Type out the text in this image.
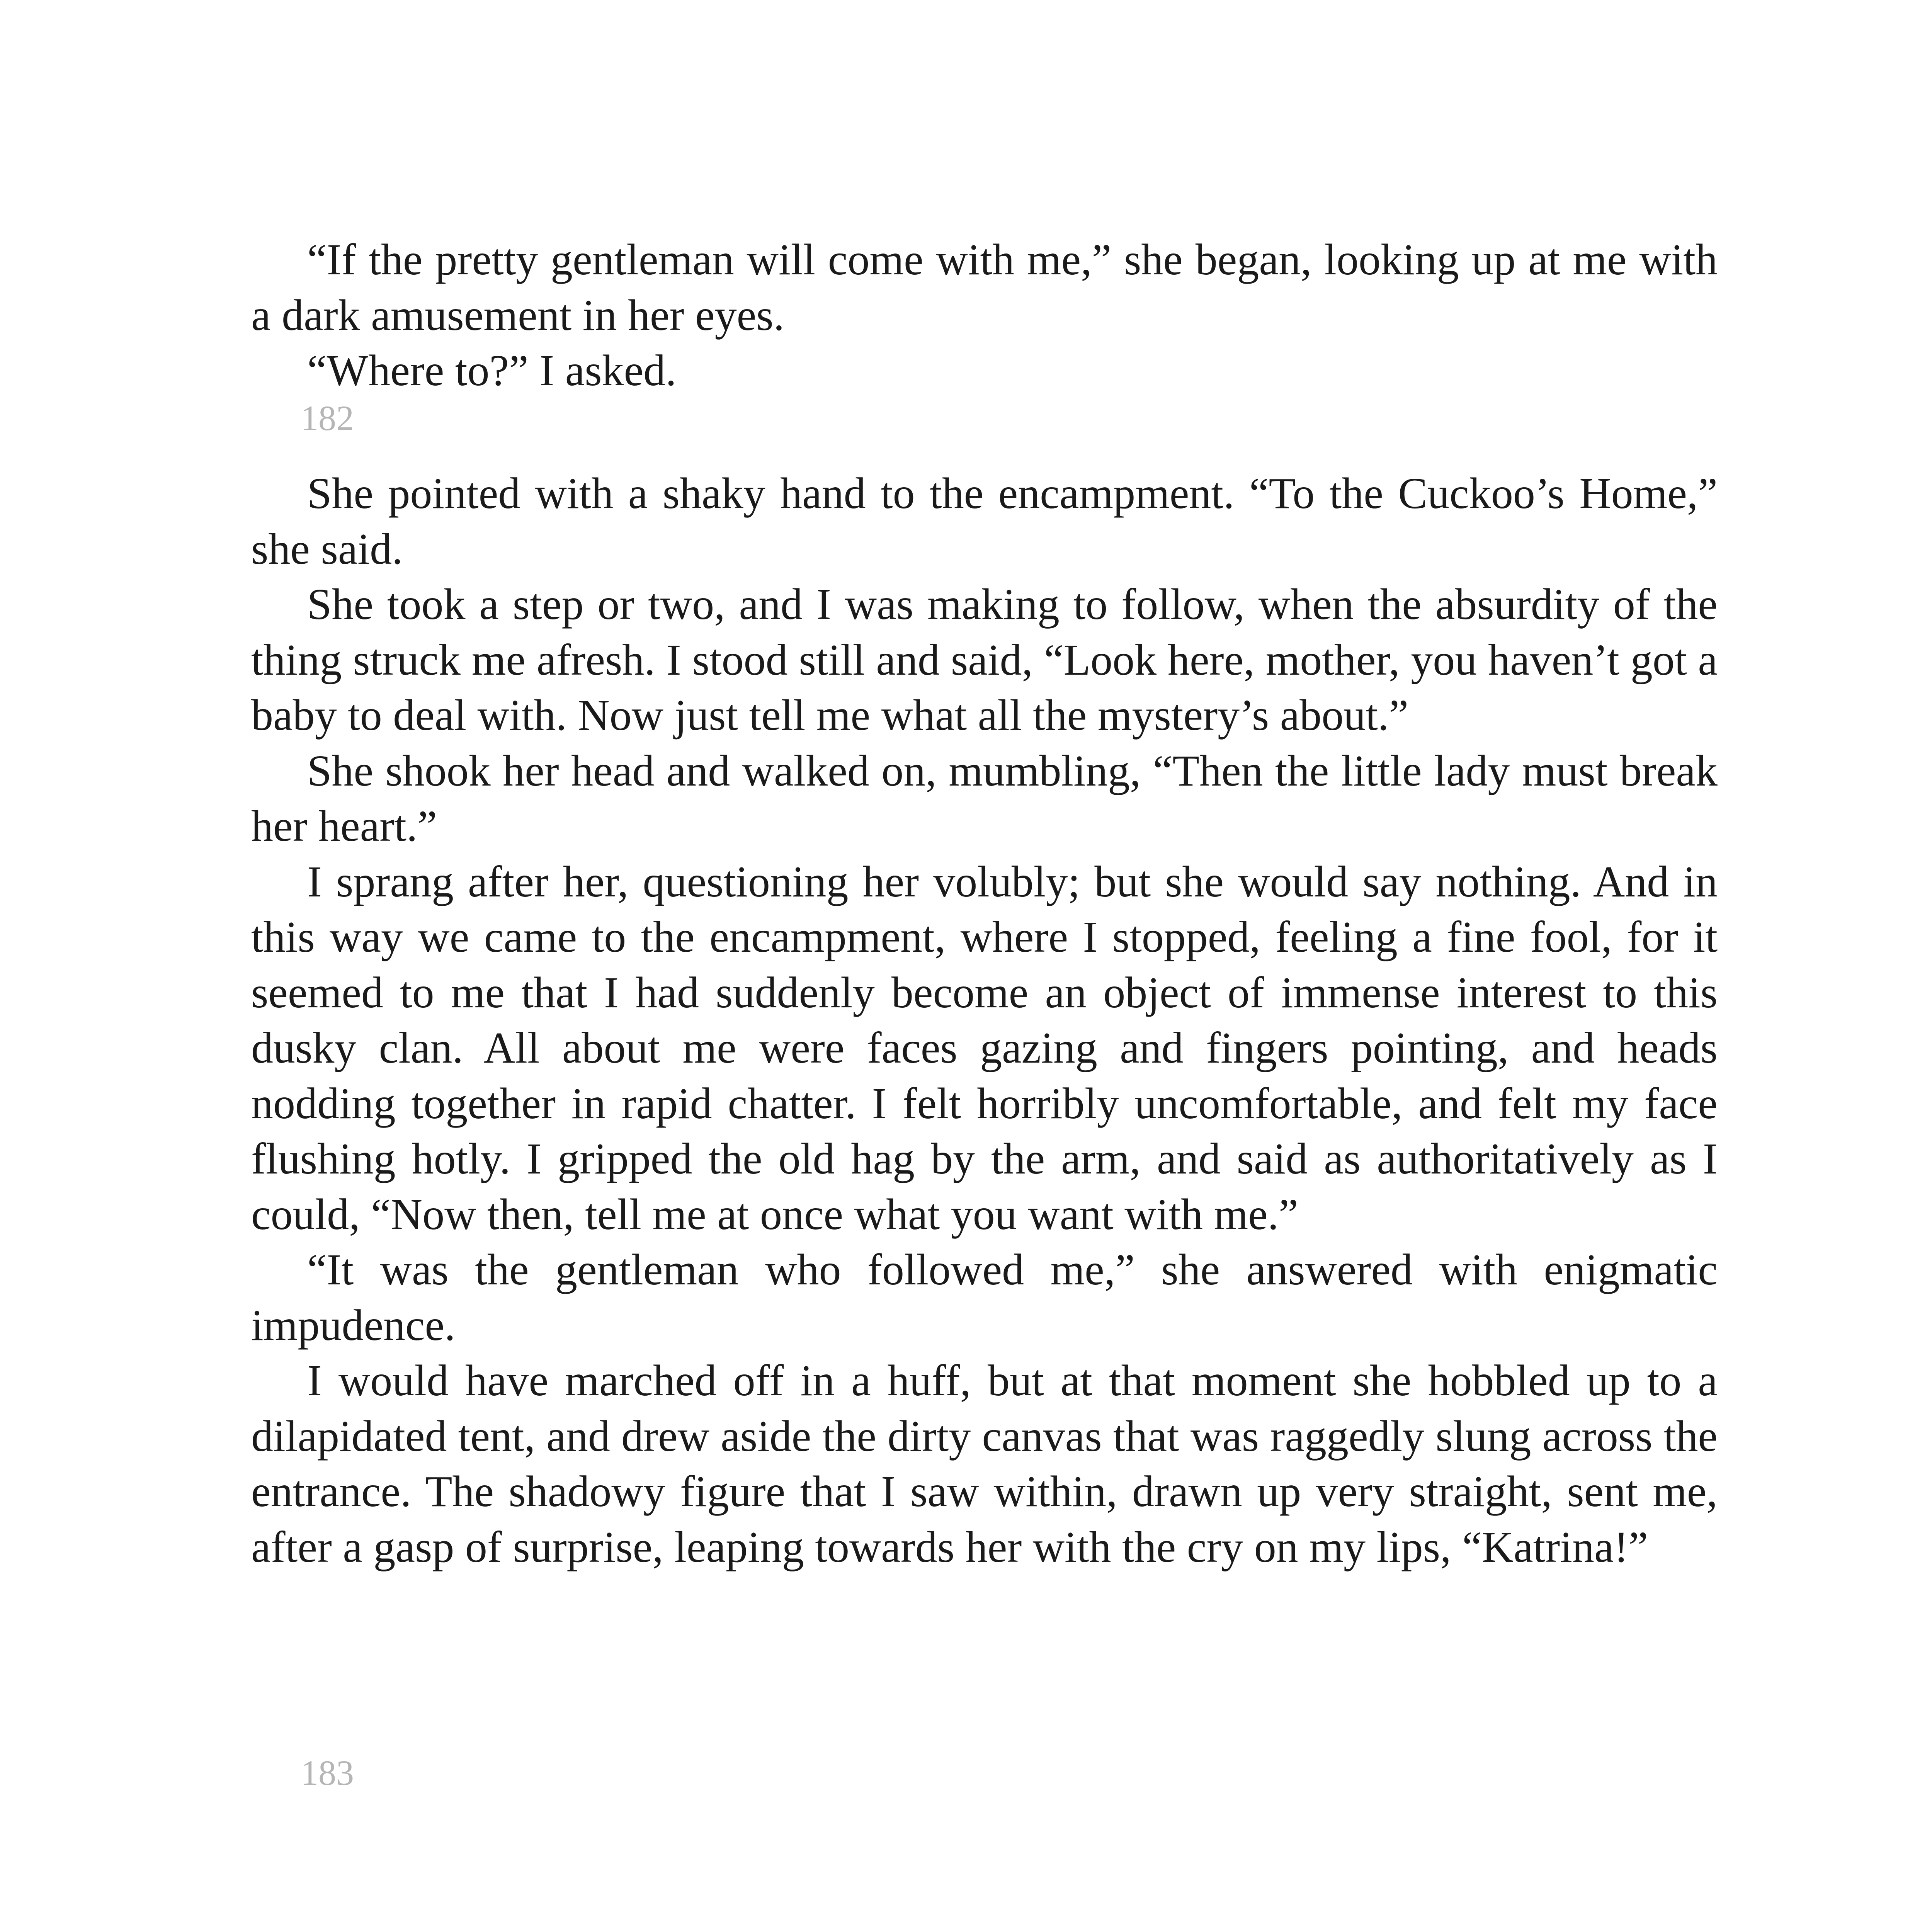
“If the pretty gentleman will come with me,” she began, looking up at me with a dark amusement in her eyes.

“Where to?” I asked.

182

She pointed with a shaky hand to the encampment. “To the Cuckoo’s Home,” she said.

She took a step or two, and I was making to follow, when the absurdity of the thing struck me afresh. I stood still and said, “Look here, mother, you haven’t got a baby to deal with. Now just tell me what all the mystery’s about.”

She shook her head and walked on, mumbling, “Then the little lady must break her heart.”

I sprang after her, questioning her volubly; but she would say nothing. And in this way we came to the encampment, where I stopped, feeling a fine fool, for it seemed to me that I had suddenly become an object of immense interest to this dusky clan. All about me were faces gazing and fingers pointing, and heads nodding together in rapid chatter. I felt horribly uncomfortable, and felt my face flushing hotly. I gripped the old hag by the arm, and said as authoritatively as I could, “Now then, tell me at once what you want with me.”

“It was the gentleman who followed me,” she answered with enigmatic impudence.

I would have marched off in a huff, but at that moment she hobbled up to a dilapidated tent, and drew aside the dirty canvas that was raggedly slung across the entrance. The shadowy figure that I saw within, drawn up very straight, sent me, after a gasp of surprise, leaping towards her with the cry on my lips, “Katrina!”

183
